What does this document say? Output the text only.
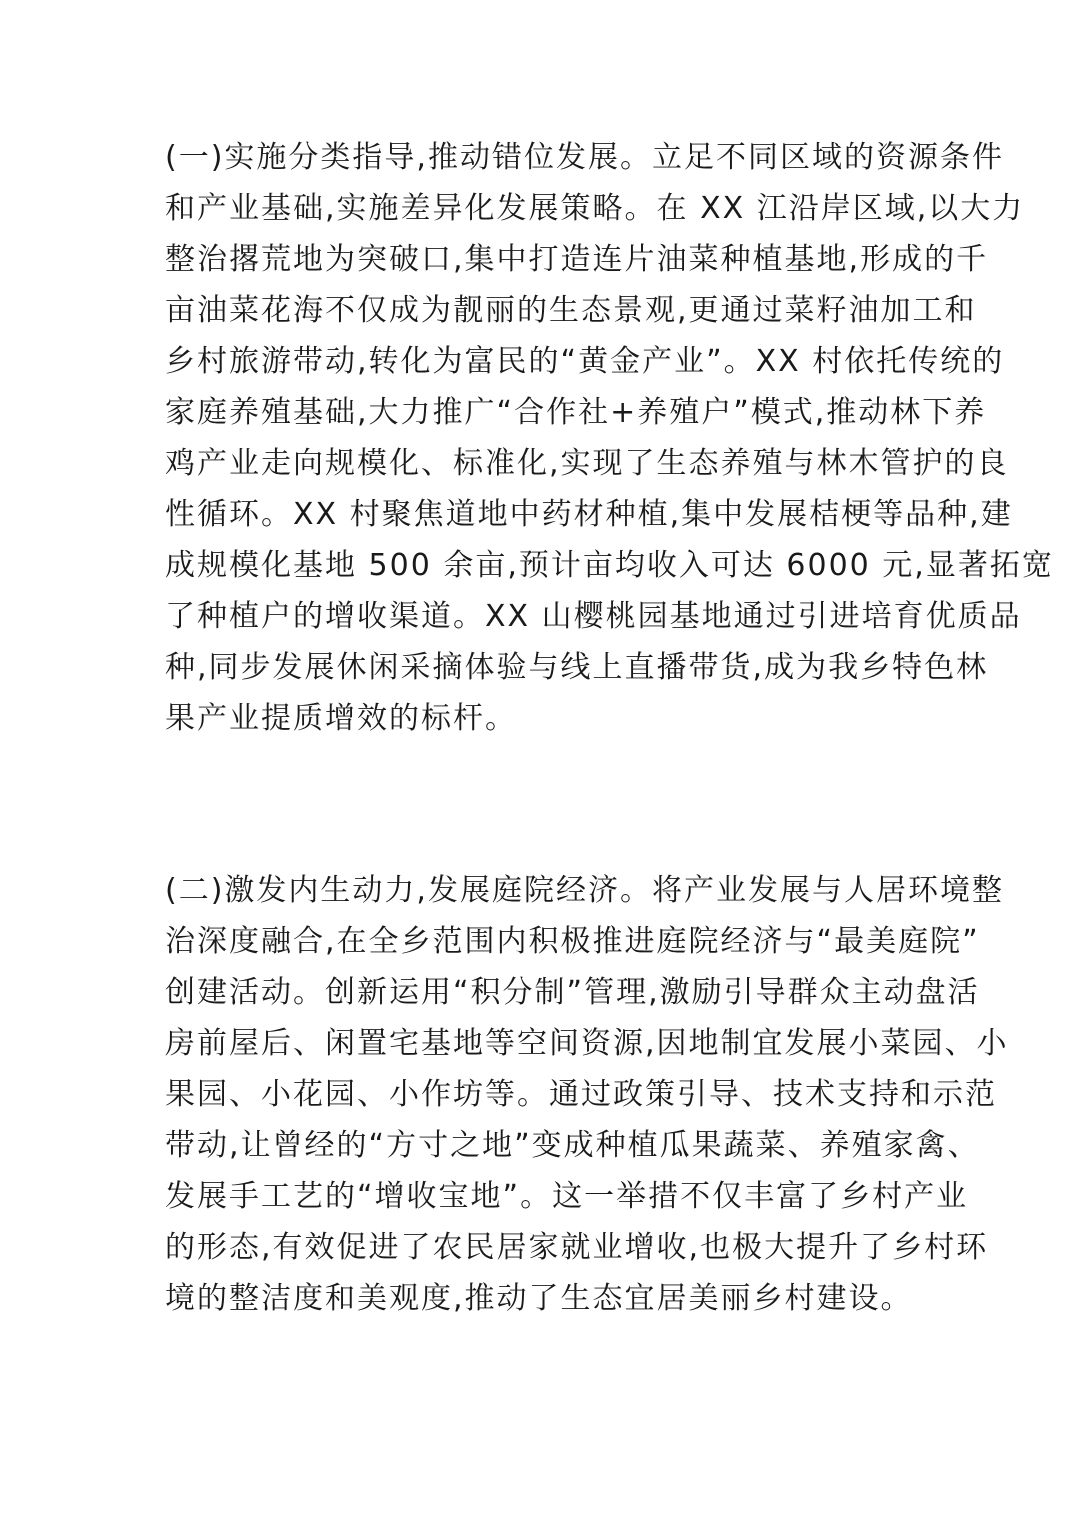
(一)实施分类指导,推动错位发展。立足不同区域的资源条件
和产业基础,实施差异化发展策略。在 XX 江沿岸区域,以大力
整治撂荒地为突破口,集中打造连片油菜种植基地,形成的千
亩油菜花海不仅成为靓丽的生态景观,更通过菜籽油加工和
乡村旅游带动,转化为富民的“黄金产业”。XX 村依托传统的
家庭养殖基础,大力推广“合作社+养殖户”模式,推动林下养
鸡产业走向规模化、标准化,实现了生态养殖与林木管护的良
性循环。XX 村聚焦道地中药材种植,集中发展桔梗等品种,建
成规模化基地 500 余亩,预计亩均收入可达 6000 元,显著拓宽
了种植户的增收渠道。XX 山樱桃园基地通过引进培育优质品
种,同步发展休闲采摘体验与线上直播带货,成为我乡特色林
果产业提质增效的标杆。
(二)激发内生动力,发展庭院经济。将产业发展与人居环境整
治深度融合,在全乡范围内积极推进庭院经济与“最美庭院”
创建活动。创新运用“积分制”管理,激励引导群众主动盘活
房前屋后、闲置宅基地等空间资源,因地制宜发展小菜园、小
果园、小花园、小作坊等。通过政策引导、技术支持和示范
带动,让曾经的“方寸之地”变成种植瓜果蔬菜、养殖家禽、
发展手工艺的“增收宝地”。这一举措不仅丰富了乡村产业
的形态,有效促进了农民居家就业增收,也极大提升了乡村环
境的整洁度和美观度,推动了生态宜居美丽乡村建设。
